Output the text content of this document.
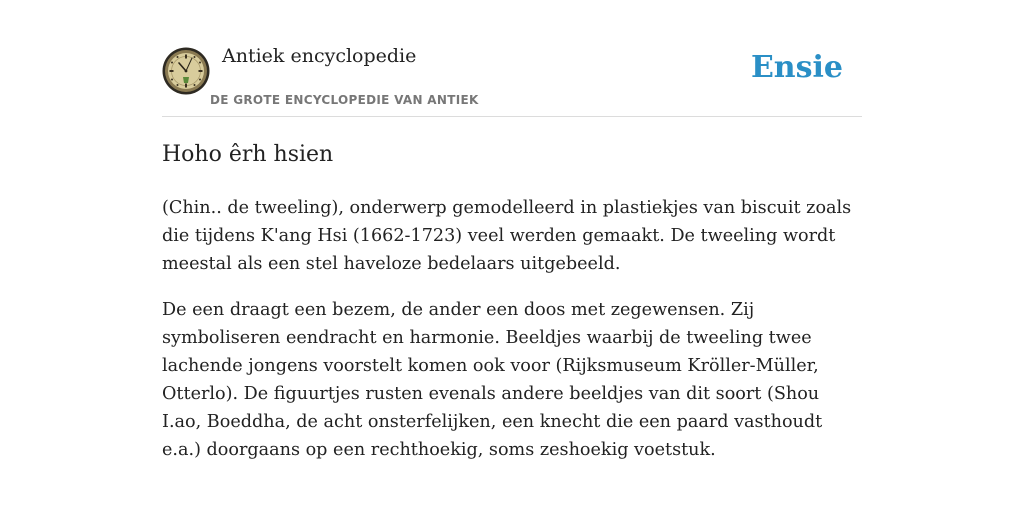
Antiek encyclopedie
DE GROTE ENCYCLOPEDIE VAN ANTIEK
Ensie
Hoho êrh hsien

(Chin.. de tweeling), onderwerp gemodelleerd in plastiekjes van biscuit zoals die tijdens K'ang Hsi (1662-1723) veel werden gemaakt. De tweeling wordt meestal als een stel haveloze bedelaars uitgebeeld.

De een draagt een bezem, de ander een doos met zegewensen. Zij symboliseren eendracht en harmonie. Beeldjes waarbij de tweeling twee lachende jongens voorstelt komen ook voor (Rijksmuseum Kröller-Müller, Otterlo). De figuurtjes rusten evenals andere beeldjes van dit soort (Shou I.ao, Boeddha, de acht onsterfelijken, een knecht die een paard vasthoudt e.a.) doorgaans op een rechthoekig, soms zeshoekig voetstuk.
